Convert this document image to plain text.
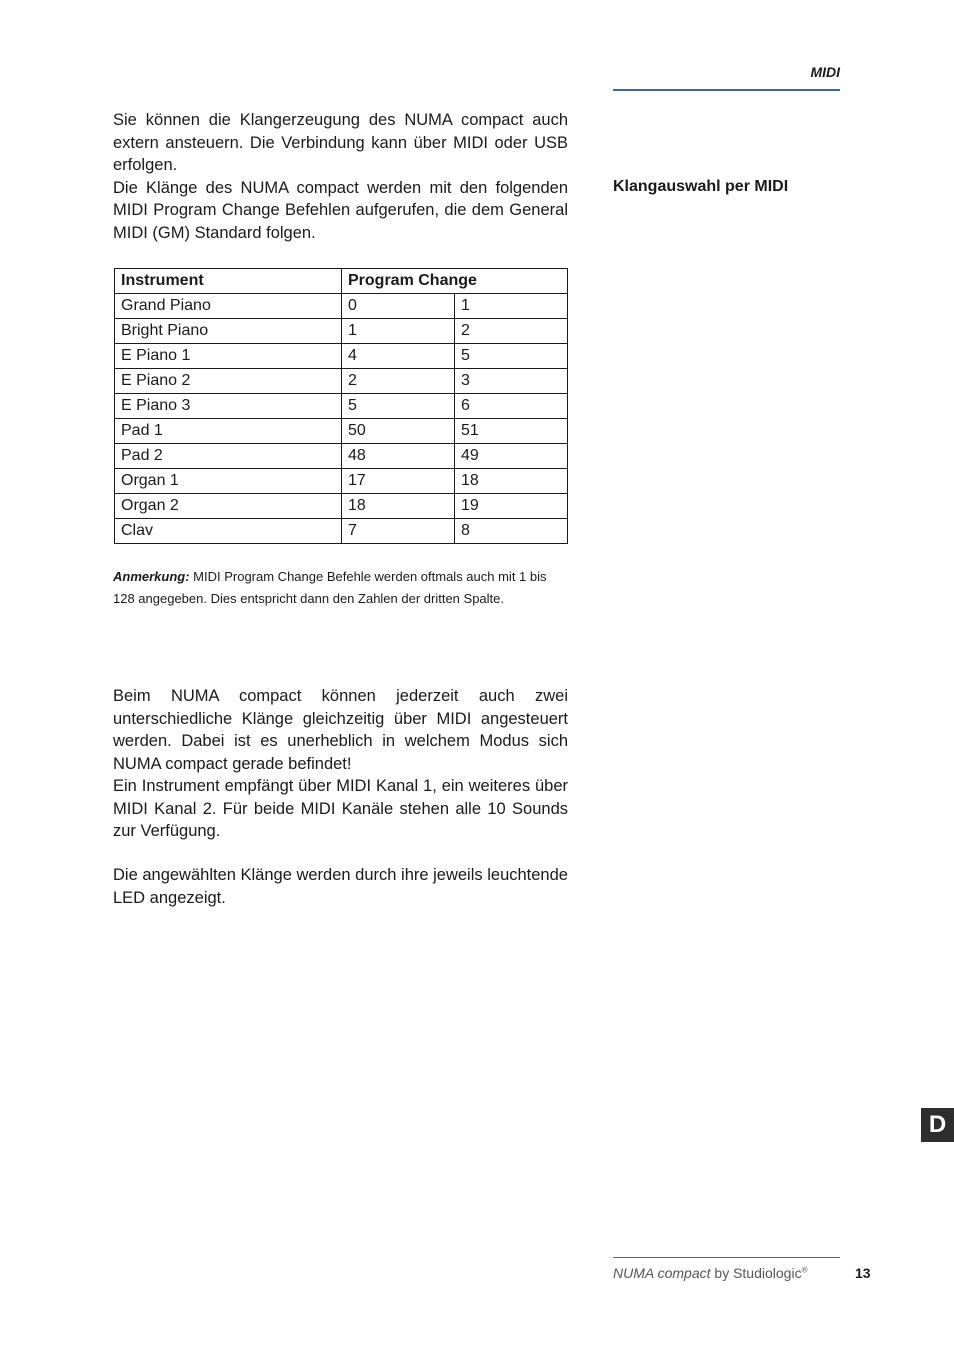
MIDI
Klangauswahl per MIDI

Sie können die Klangerzeugung des NUMA compact auch extern ansteuern. Die Verbindung kann über MIDI oder USB erfolgen.

Die Klänge des NUMA compact werden mit den folgenden MIDI Program Change Befehlen aufgerufen, die dem General MIDI (GM) Standard folgen.

Instrument	Program Change	
Grand Piano	0	1
Bright Piano	1	2
E Piano 1	4	5
E Piano 2	2	3
E Piano 3	5	6
Pad 1	50	51
Pad 2	48	49
Organ 1	17	18
Organ 2	18	19
Clav	7	8
Anmerkung: MIDI Program Change Befehle werden oftmals auch mit 1 bis 128 angegeben. Dies entspricht dann den Zahlen der dritten Spalte.

Beim NUMA compact können jederzeit auch zwei unterschiedliche Klänge gleichzeitig über MIDI angesteuert werden. Dabei ist es unerheblich in welchem Modus sich NUMA compact gerade befindet!

Ein Instrument empfängt über MIDI Kanal 1, ein weiteres über MIDI Kanal 2. Für beide MIDI Kanäle stehen alle 10 Sounds zur Verfügung.

Die angewählten Klänge werden durch ihre jeweils leuchtende LED angezeigt.

D
NUMA compact by Studiologic®	13
